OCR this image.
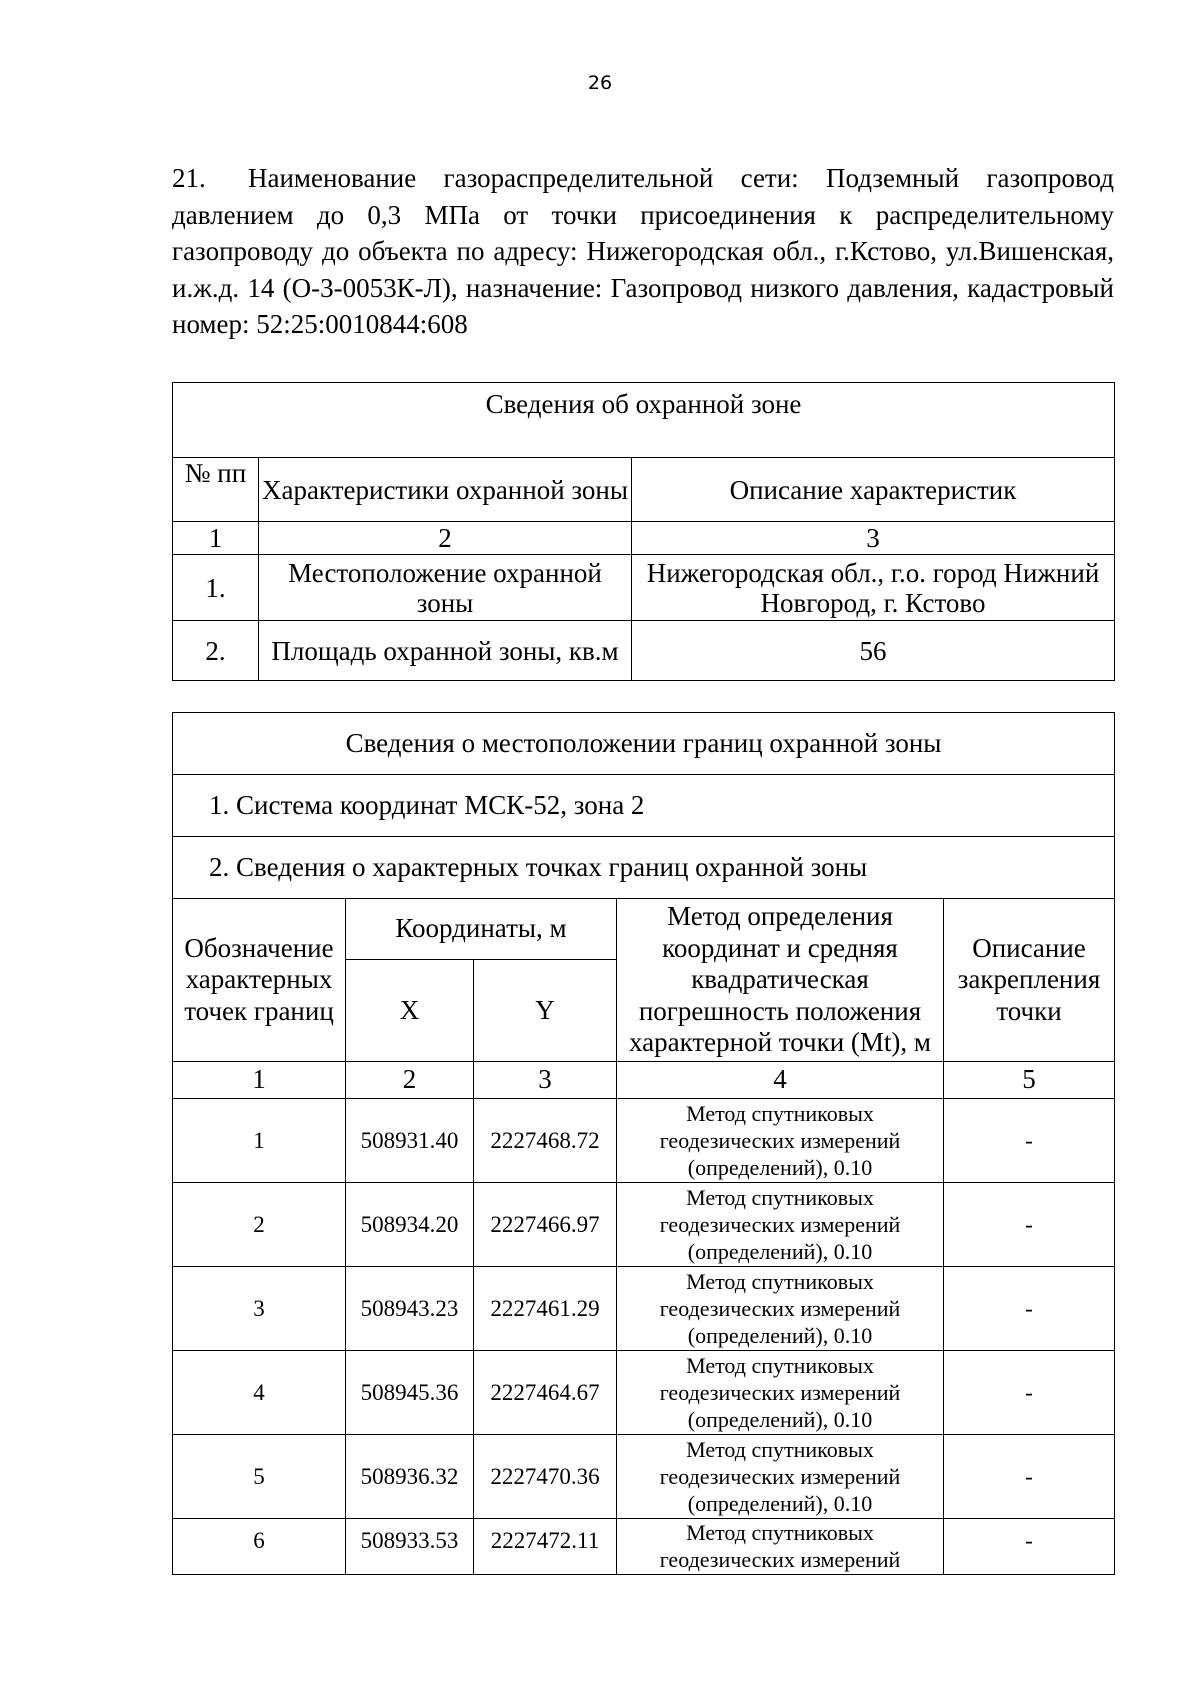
26
21. Наименование газораспределительной сети: Подземный газопровод давлением до 0,3 МПа от точки присоединения к распределительному газопроводу до объекта по адресу: Нижегородская обл., г.Кстово, ул.Вишенская, и.ж.д. 14 (О-3-0053К-Л), назначение: Газопровод низкого давления, кадастровый номер: 52:25:0010844:608
Сведения об охранной зоне		
№ пп	Характеристики охранной зоны	Описание характеристик
1	2	3
1.	Местоположение охранной зоны	Нижегородская обл., г.о. город Нижний Новгород, г. Кстово
2.	Площадь охранной зоны, кв.м	56
Сведения о местоположении границ охранной зоны				
1. Система координат МСК-52, зона 2				
2. Сведения о характерных точках границ охранной зоны				
Обозначение характерных точек границ	Координаты, м		Метод определения координат и средняя квадратическая погрешность положения характерной точки (Mt), м	Описание закрепления точки
	X	Y		
1	2	3	4	5
1	508931.40	2227468.72	Метод спутниковых геодезических измерений (определений), 0.10	-
2	508934.20	2227466.97	Метод спутниковых геодезических измерений (определений), 0.10	-
3	508943.23	2227461.29	Метод спутниковых геодезических измерений (определений), 0.10	-
4	508945.36	2227464.67	Метод спутниковых геодезических измерений (определений), 0.10	-
5	508936.32	2227470.36	Метод спутниковых геодезических измерений (определений), 0.10	-
6	508933.53	2227472.11	Метод спутниковых геодезических измерений	-
